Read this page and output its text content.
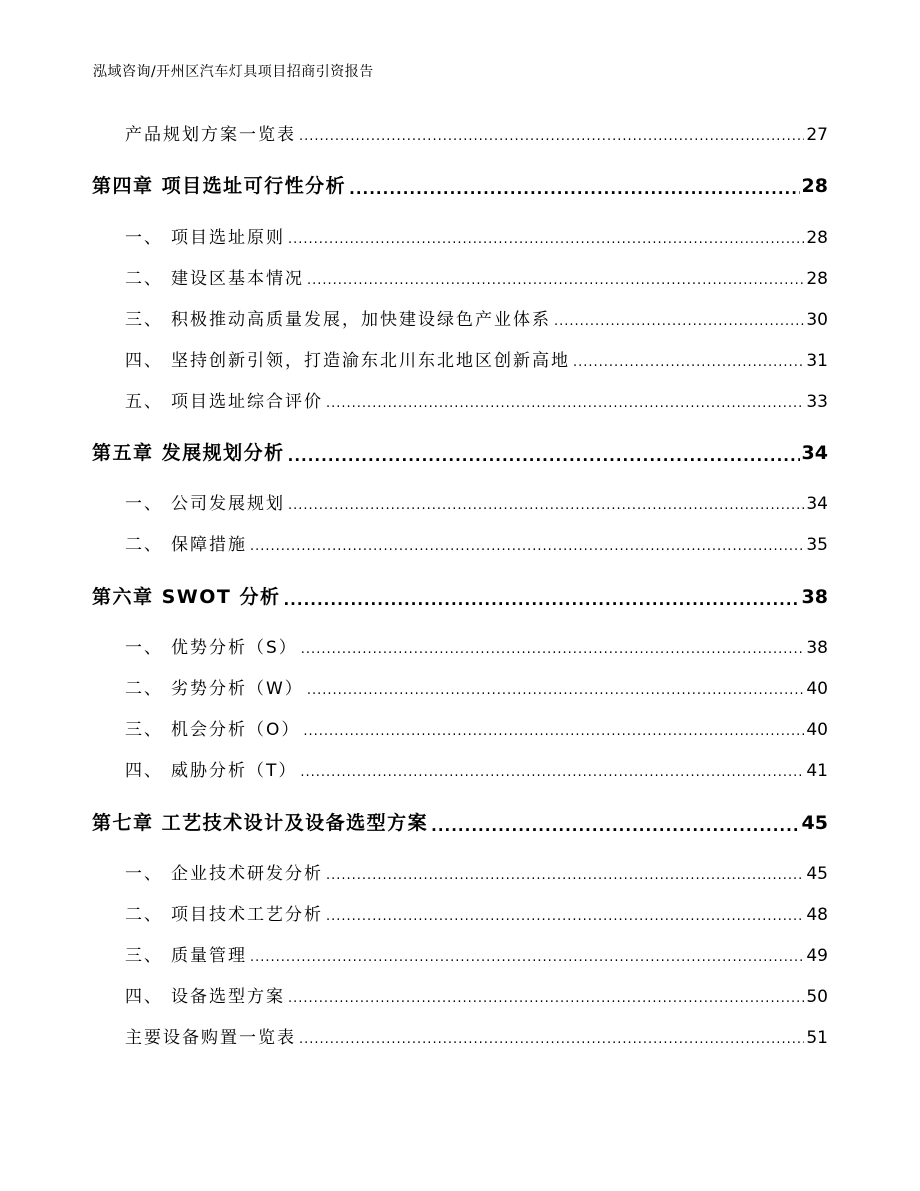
泓域咨询/开州区汽车灯具项目招商引资报告
产品规划方案一览表 .....	27
第四章 项目选址可行性分析 .....	28
一、 项目选址原则 .....	28
二、 建设区基本情况 .....	28
三、 积极推动高质量发展，加快建设绿色产业体系 .....	30
四、 坚持创新引领，打造渝东北川东北地区创新高地 .....	31
五、 项目选址综合评价 .....	33
第五章 发展规划分析 .....	34
一、 公司发展规划 .....	34
二、 保障措施 .....	35
第六章 SWOT 分析 .....	38
一、 优势分析（S） .....	38
二、 劣势分析（W） .....	40
三、 机会分析（O） .....	40
四、 威胁分析（T） .....	41
第七章 工艺技术设计及设备选型方案 .....	45
一、 企业技术研发分析 .....	45
二、 项目技术工艺分析 .....	48
三、 质量管理 .....	49
四、 设备选型方案 .....	50
主要设备购置一览表 .....	51
